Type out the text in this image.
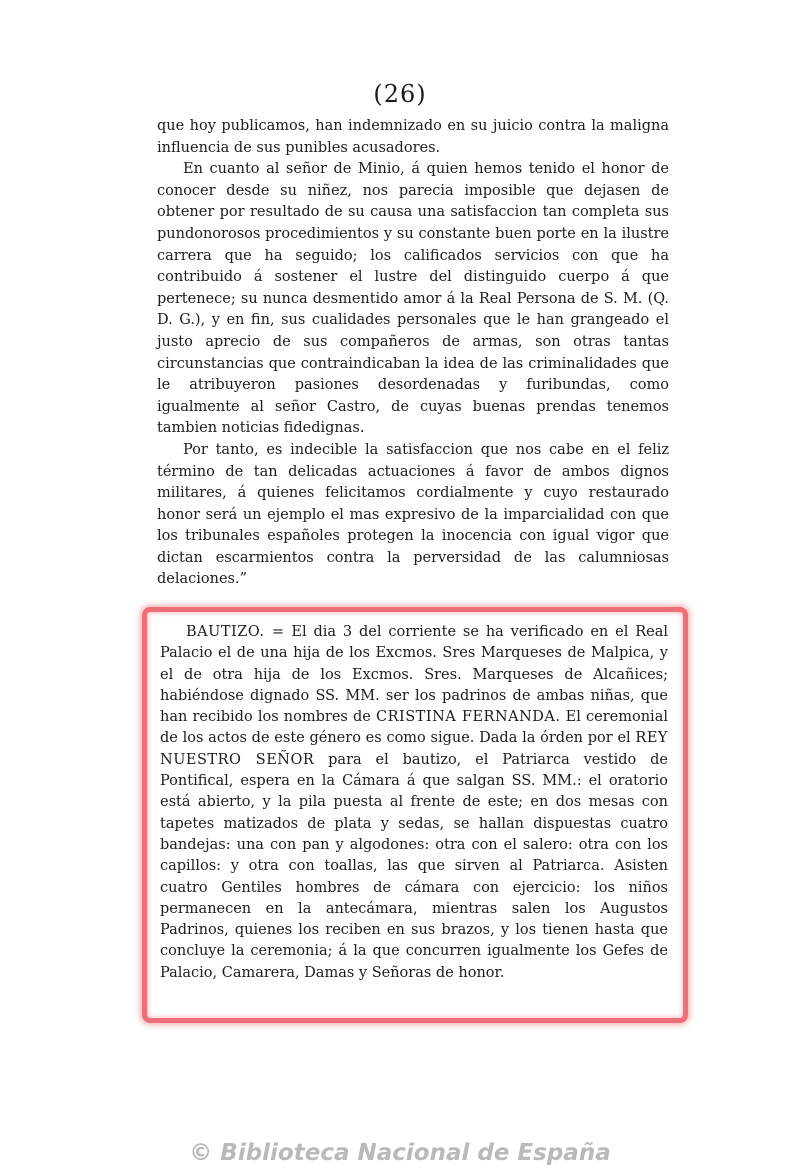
(26)

que hoy publicamos, han indemnizado en su juicio contra la maligna influencia de sus punibles acusadores.

En cuanto al señor de Minio, á quien hemos tenido el honor de conocer desde su niñez, nos parecia imposible que dejasen de obtener por resultado de su causa una satisfaccion tan completa sus pundonorosos procedimientos y su constante buen porte en la ilustre carrera que ha seguido; los calificados servicios con que ha contribuido á sostener el lustre del distinguido cuerpo á que pertenece; su nunca desmentido amor á la Real Persona de S. M. (Q. D. G.), y en fin, sus cualidades personales que le han grangeado el justo aprecio de sus compañeros de armas, son otras tantas circunstancias que contraindicaban la idea de las criminalidades que le atribuyeron pasiones desordenadas y furibundas, como igualmente al señor Castro, de cuyas buenas prendas tenemos tambien noticias fidedignas.

Por tanto, es indecible la satisfaccion que nos cabe en el feliz término de tan delicadas actuaciones á favor de ambos dignos militares, á quienes felicitamos cordialmente y cuyo restaurado honor será un ejemplo el mas expresivo de la imparcialidad con que los tribunales españoles protegen la inocencia con igual vigor que dictan escarmientos contra la perversidad de las calumniosas delaciones.”

BAUTIZO. = El dia 3 del corriente se ha verificado en el Real Palacio el de una hija de los Excmos. Sres Marqueses de Malpica, y el de otra hija de los Excmos. Sres. Marqueses de Alcañices; habiéndose dignado SS. MM. ser los padrinos de ambas niñas, que han recibido los nombres de CRISTINA FERNANDA. El ceremonial de los actos de este género es como sigue. Dada la órden por el REY NUESTRO SEÑOR para el bautizo, el Patriarca vestido de Pontifical, espera en la Cámara á que salgan SS. MM.: el oratorio está abierto, y la pila puesta al frente de este; en dos mesas con tapetes matizados de plata y sedas, se hallan dispuestas cuatro bandejas: una con pan y algodones: otra con el salero: otra con los capillos: y otra con toallas, las que sirven al Patriarca. Asisten cuatro Gentiles hombres de cámara con ejercicio: los niños permanecen en la antecámara, mientras salen los Augustos Padrinos, quienes los reciben en sus brazos, y los tienen hasta que concluye la ceremonia; á la que concurren igualmente los Gefes de Palacio, Camarera, Damas y Señoras de honor.

© Biblioteca Nacional de España
